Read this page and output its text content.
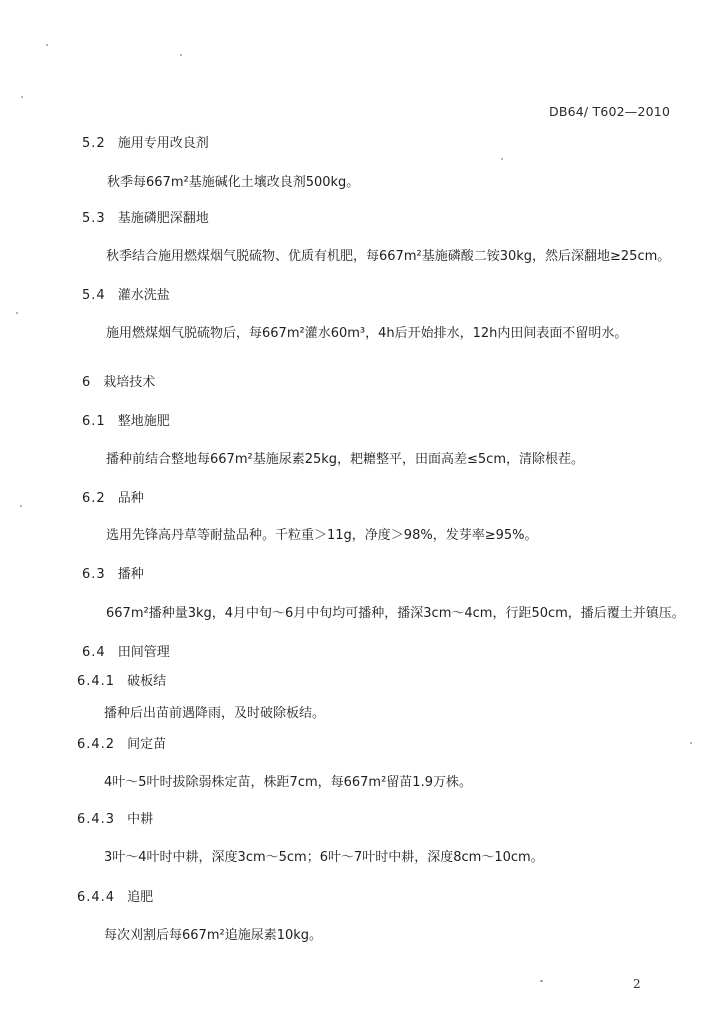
DB64/ T602—2010
5.2 施用专用改良剂
秋季每667m²基施碱化土壤改良剂500kg。
5.3 基施磷肥深翻地
秋季结合施用燃煤烟气脱硫物、优质有机肥，每667m²基施磷酸二铵30kg，然后深翻地≥25cm。
5.4 灌水洗盐
施用燃煤烟气脱硫物后，每667m²灌水60m³，4h后开始排水，12h内田间表面不留明水。
6 栽培技术
6.1 整地施肥
播种前结合整地每667m²基施尿素25kg，耙耱整平，田面高差≤5cm，清除根茬。
6.2 品种
选用先锋高丹草等耐盐品种。千粒重＞11g，净度＞98%，发芽率≥95%。
6.3 播种
667m²播种量3kg，4月中旬～6月中旬均可播种，播深3cm～4cm，行距50cm，播后覆土并镇压。
6.4 田间管理
6.4.1 破板结
播种后出苗前遇降雨，及时破除板结。
6.4.2 间定苗
4叶～5叶时拔除弱株定苗，株距7cm，每667m²留苗1.9万株。
6.4.3 中耕
3叶～4叶时中耕，深度3cm～5cm；6叶～7叶时中耕，深度8cm～10cm。
6.4.4 追肥
每次刈割后每667m²追施尿素10kg。
2
